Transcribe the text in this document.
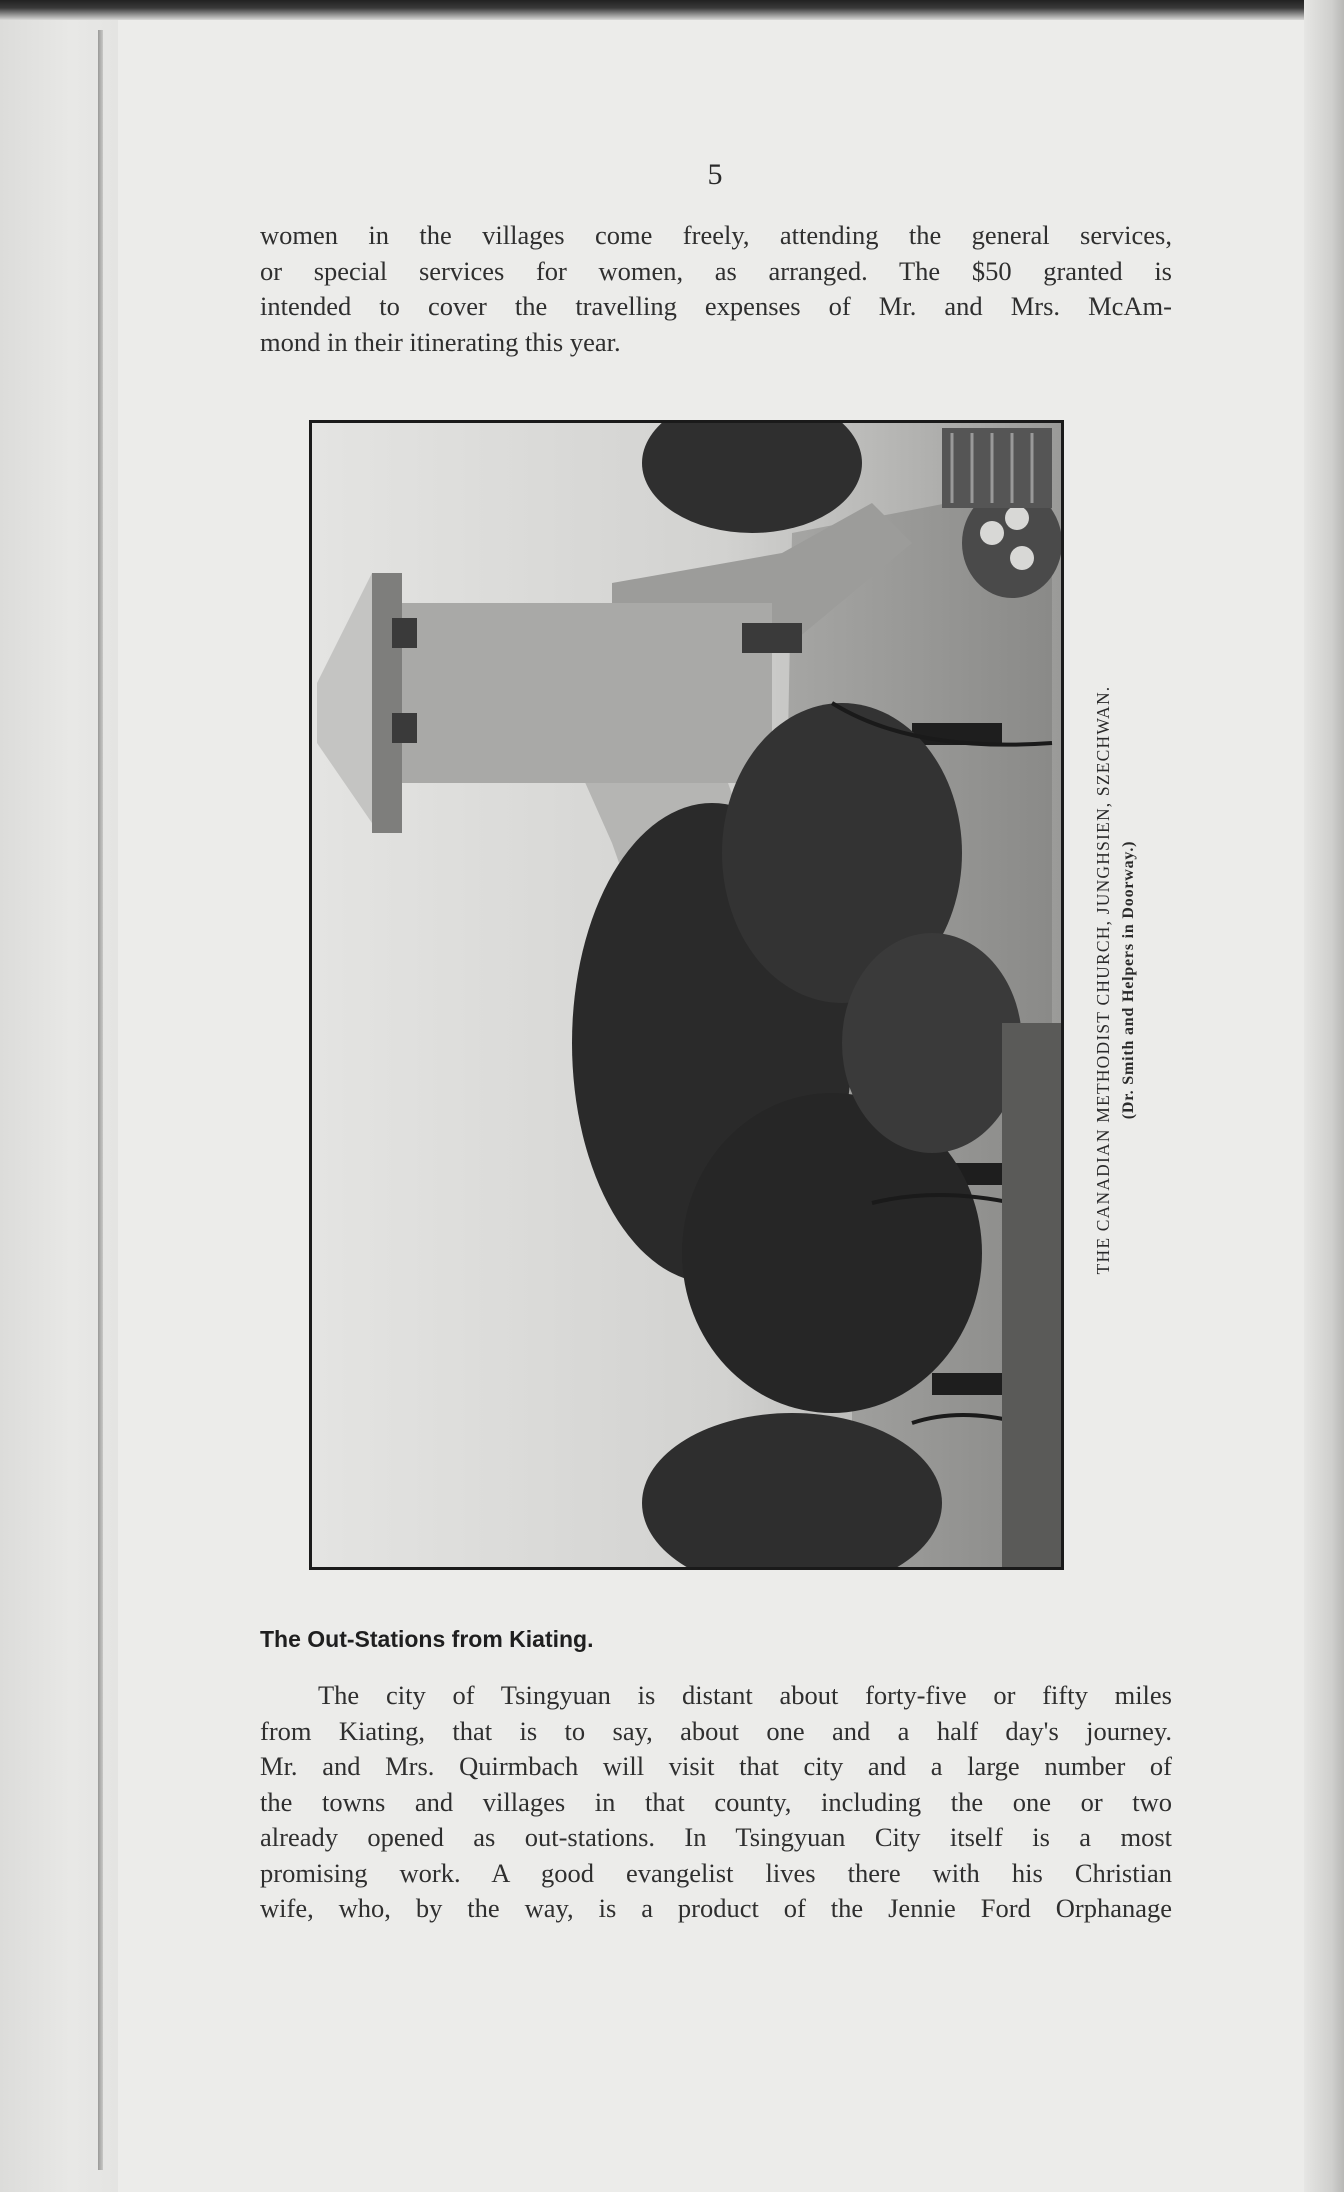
5
women in the villages come freely, attending the general services,
or special services for women, as arranged. The $50 granted is
intended to cover the travelling expenses of Mr. and Mrs. McAm-
mond in their itinerating this year.
THE CANADIAN METHODIST CHURCH, JUNGHSIEN, SZECHWAN. (Dr. Smith and Helpers in Doorway.)
The Out-Stations from Kiating.
The city of Tsingyuan is distant about forty-five or fifty miles
from Kiating, that is to say, about one and a half day's journey.
Mr. and Mrs. Quirmbach will visit that city and a large number of
the towns and villages in that county, including the one or two
already opened as out-stations. In Tsingyuan City itself is a most
promising work. A good evangelist lives there with his Christian
wife, who, by the way, is a product of the Jennie Ford Orphanage
